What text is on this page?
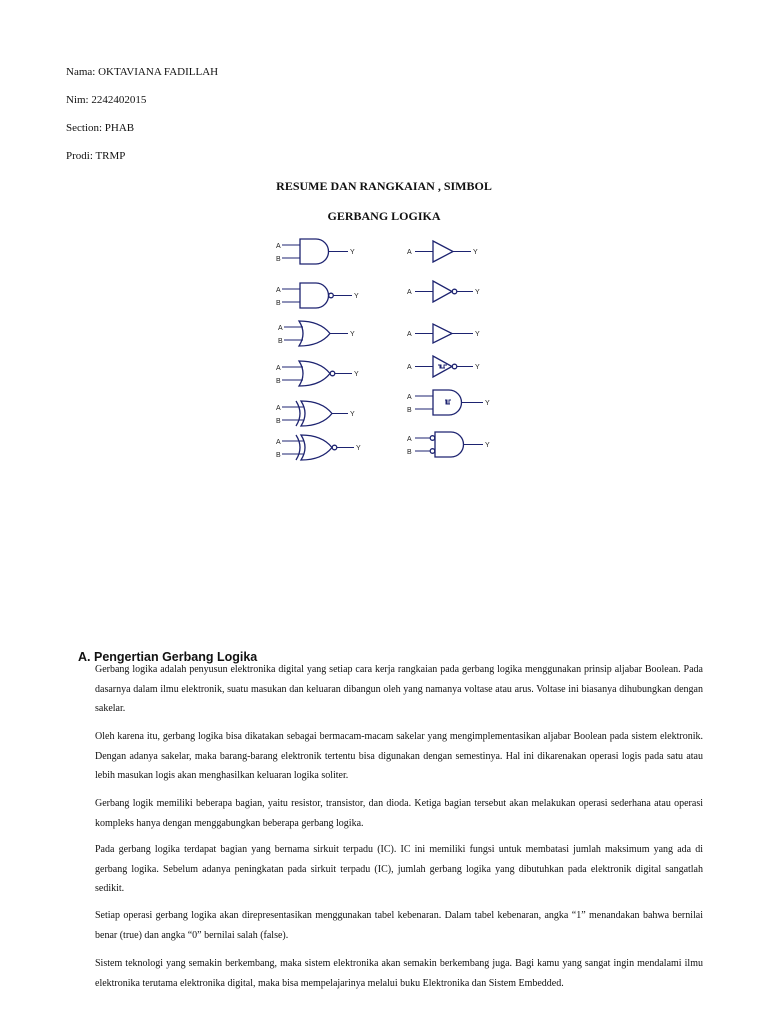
Nama: OKTAVIANA FADILLAH
Nim: 2242402015
Section: PHAB
Prodi: TRMP
RESUME DAN RANGKAIAN , SIMBOL
GERBANG LOGIKA
A
A
B
Y
A
B
Y
A
B
Y
A
B
Y
A
B
Y
A
B
Y
A	Y
A	Y
A	Y
A	Y
A
B
Y
A
B
Y
A. Pengertian Gerbang Logika

Gerbang logika adalah penyusun elektronika digital yang setiap cara kerja rangkaian pada gerbang logika menggunakan prinsip aljabar Boolean. Pada dasarnya dalam ilmu elektronik, suatu masukan dan keluaran dibangun oleh yang namanya voltase atau arus. Voltase ini biasanya dihubungkan dengan sakelar.

Oleh karena itu, gerbang logika bisa dikatakan sebagai bermacam-macam sakelar yang mengimplementasikan aljabar Boolean pada sistem elektronik. Dengan adanya sakelar, maka barang-barang elektronik tertentu bisa digunakan dengan semestinya. Hal ini dikarenakan operasi logis pada satu atau lebih masukan logis akan menghasilkan keluaran logika soliter.

Gerbang logik memiliki beberapa bagian, yaitu resistor, transistor, dan dioda. Ketiga bagian tersebut akan melakukan operasi sederhana atau operasi kompleks hanya dengan menggabungkan beberapa gerbang logika.

Pada gerbang logika terdapat bagian yang bernama sirkuit terpadu (IC). IC ini memiliki fungsi untuk membatasi jumlah maksimum yang ada di gerbang logika. Sebelum adanya peningkatan pada sirkuit terpadu (IC), jumlah gerbang logika yang dibutuhkan pada elektronik digital sangatlah sedikit.

Setiap operasi gerbang logika akan direpresentasikan menggunakan tabel kebenaran. Dalam tabel kebenaran, angka “1” menandakan bahwa bernilai benar (true) dan angka “0” bernilai salah (false).

Sistem teknologi yang semakin berkembang, maka sistem elektronika akan semakin berkembang juga. Bagi kamu yang sangat ingin mendalami ilmu elektronika terutama elektronika digital, maka bisa mempelajarinya melalui buku Elektronika dan Sistem Embedded.
